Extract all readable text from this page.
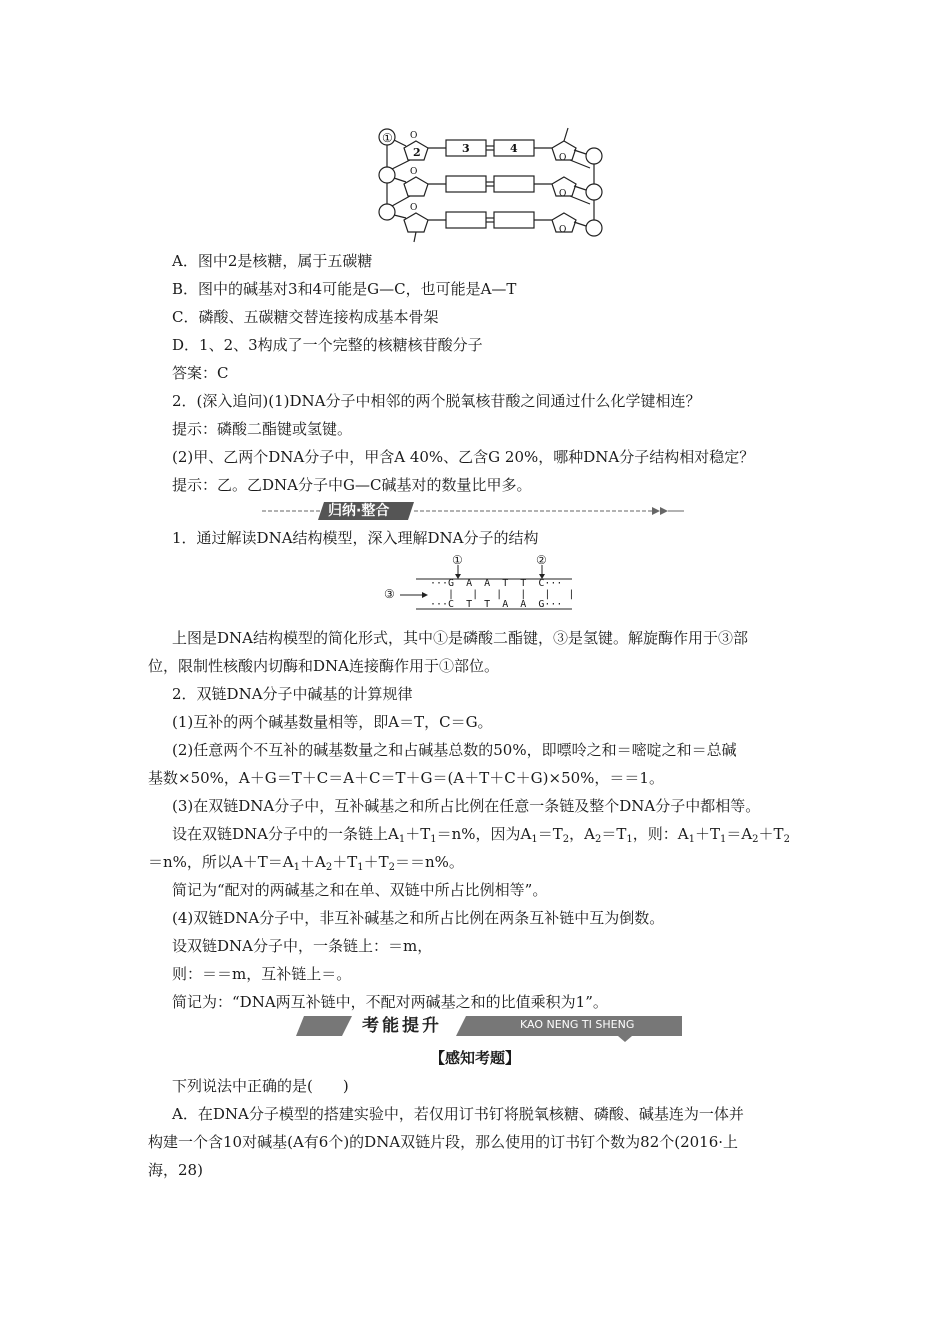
O
O
O
O
O
O
①
2	3	4
A．图中2是核糖，属于五碳糖
B．图中的碱基对3和4可能是G—C，也可能是A—T
C．磷酸、五碳糖交替连接构成基本骨架
D．1、2、3构成了一个完整的核糖核苷酸分子
答案：C
2．(深入追问)(1)DNA分子中相邻的两个脱氧核苷酸之间通过什么化学键相连？
提示：磷酸二酯键或氢键。
(2)甲、乙两个DNA分子中，甲含A 40%、乙含G 20%，哪种DNA分子结构相对稳定？
提示：乙。乙DNA分子中G—C碱基对的数量比甲多。
归纳·整合
1．通过解读DNA结构模型，深入理解DNA分子的结构
①	②
③
···G  A  A  T  T  C···
|   |   |   |   |   |
···C  T  T  A  A  G···
上图是DNA结构模型的简化形式，其中①是磷酸二酯键，③是氢键。解旋酶作用于③部
位，限制性核酸内切酶和DNA连接酶作用于①部位。
2．双链DNA分子中碱基的计算规律
(1)互补的两个碱基数量相等，即A＝T，C＝G。
(2)任意两个不互补的碱基数量之和占碱基总数的50%，即嘌呤之和＝嘧啶之和＝总碱
基数×50%，A＋G＝T＋C＝A＋C＝T＋G＝(A＋T＋C＋G)×50%，＝＝1。
(3)在双链DNA分子中，互补碱基之和所占比例在任意一条链及整个DNA分子中都相等。
设在双链DNA分子中的一条链上$A_1+T_1=n\%$，因为$A_1=T_2$，$A_2=T_1$，则：$A_1+T_1=A_2+T_2$
＝n%，所以$A+T=A_1+A_2+T_1+T_2==n\%$。
简记为“配对的两碱基之和在单、双链中所占比例相等”。
(4)双链DNA分子中，非互补碱基之和所占比例在两条互补链中互为倒数。
设双链DNA分子中，一条链上：＝m，
则：＝＝m，互补链上＝。
简记为：“DNA两互补链中，不配对两碱基之和的比值乘积为1”。
考能提升	KAO NENG TI SHENG
【感知考题】
下列说法中正确的是(　　)
A．在DNA分子模型的搭建实验中，若仅用订书钉将脱氧核糖、磷酸、碱基连为一体并
构建一个含10对碱基(A有6个)的DNA双链片段，那么使用的订书钉个数为82个(2016·上
海，28)
